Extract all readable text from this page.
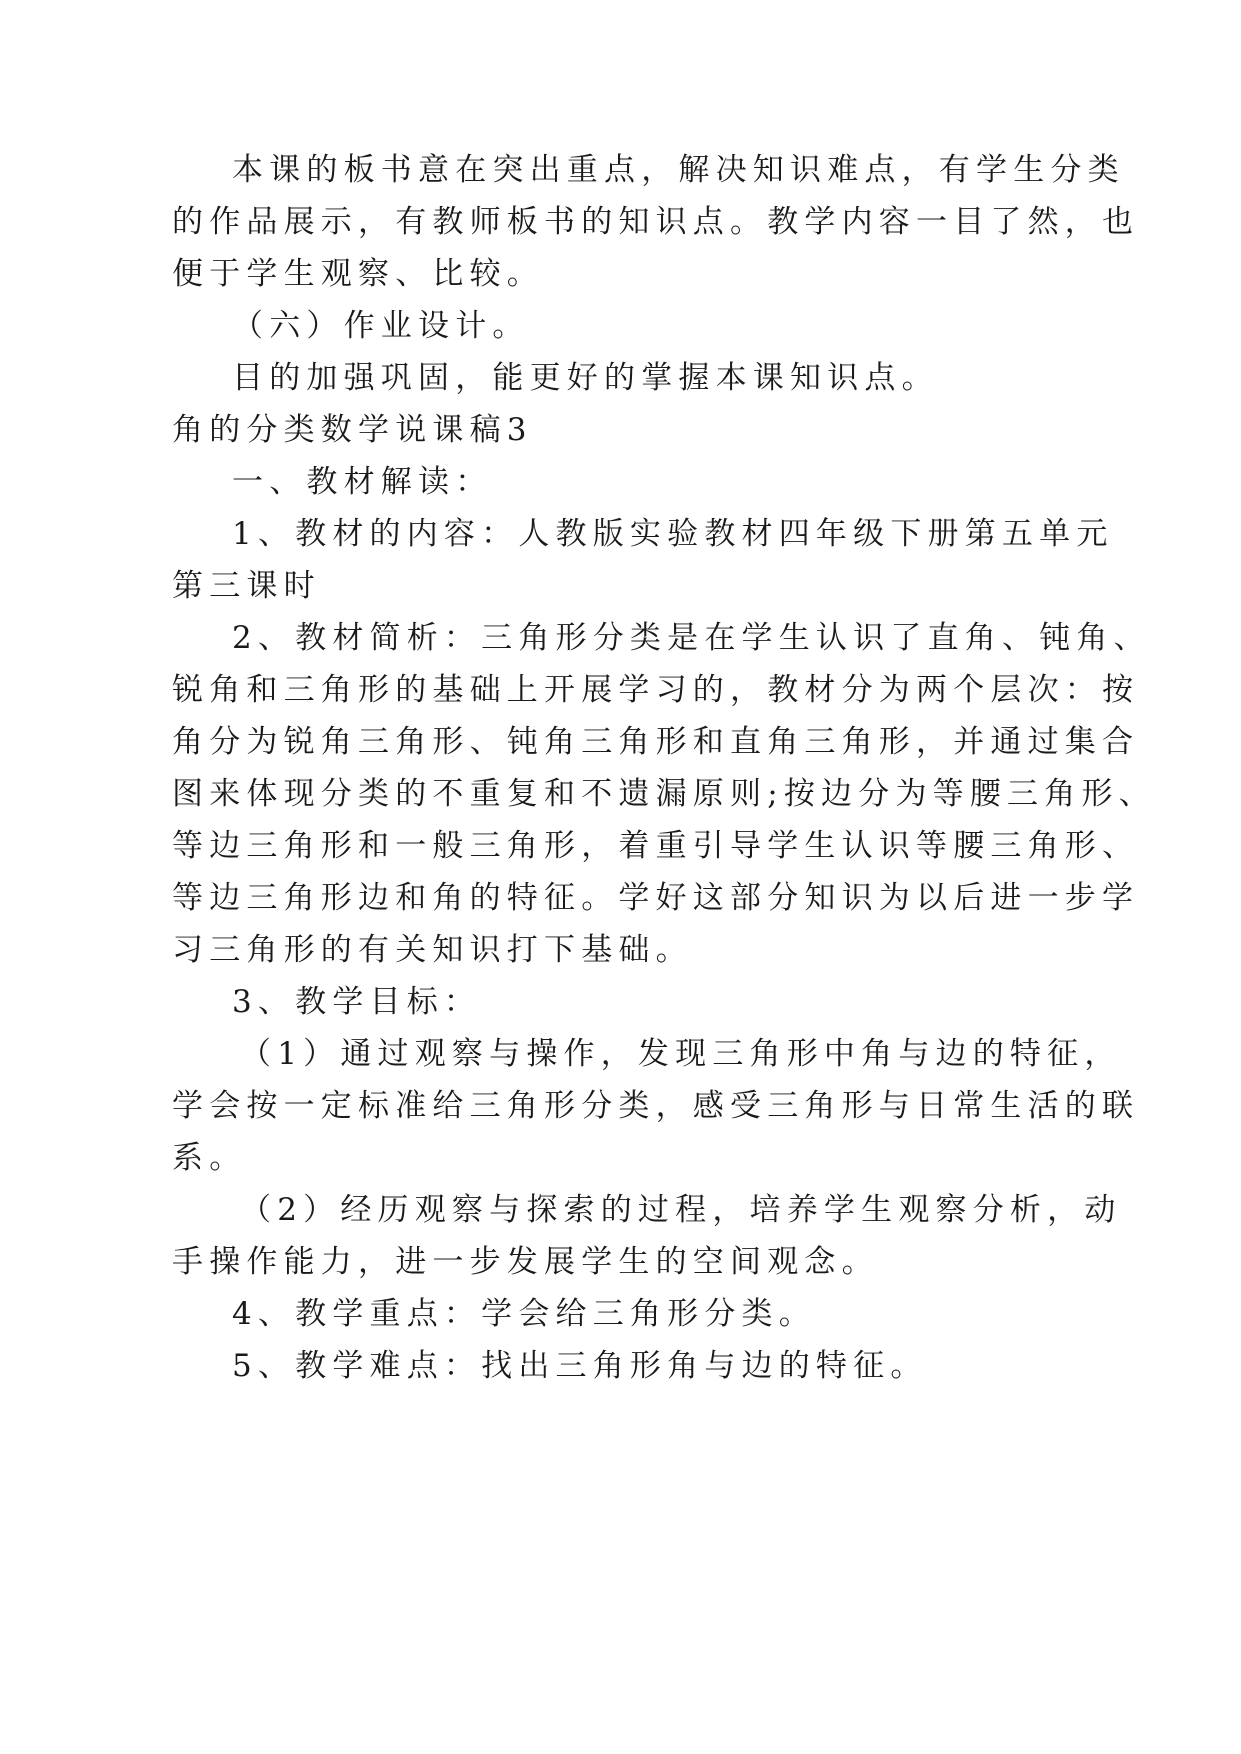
本课的板书意在突出重点，解决知识难点，有学生分类

的作品展示，有教师板书的知识点。教学内容一目了然，也

便于学生观察、比较。

（六）作业设计。

目的加强巩固，能更好的掌握本课知识点。

角的分类数学说课稿3

一、教材解读：

1、教材的内容：人教版实验教材四年级下册第五单元

第三课时

2、教材简析：三角形分类是在学生认识了直角、钝角、

锐角和三角形的基础上开展学习的，教材分为两个层次：按

角分为锐角三角形、钝角三角形和直角三角形，并通过集合

图来体现分类的不重复和不遗漏原则;按边分为等腰三角形、

等边三角形和一般三角形，着重引导学生认识等腰三角形、

等边三角形边和角的特征。学好这部分知识为以后进一步学

习三角形的有关知识打下基础。

3、教学目标：

（1）通过观察与操作，发现三角形中角与边的特征，

学会按一定标准给三角形分类，感受三角形与日常生活的联

系。

（2）经历观察与探索的过程，培养学生观察分析，动

手操作能力，进一步发展学生的空间观念。

4、教学重点：学会给三角形分类。

5、教学难点：找出三角形角与边的特征。
